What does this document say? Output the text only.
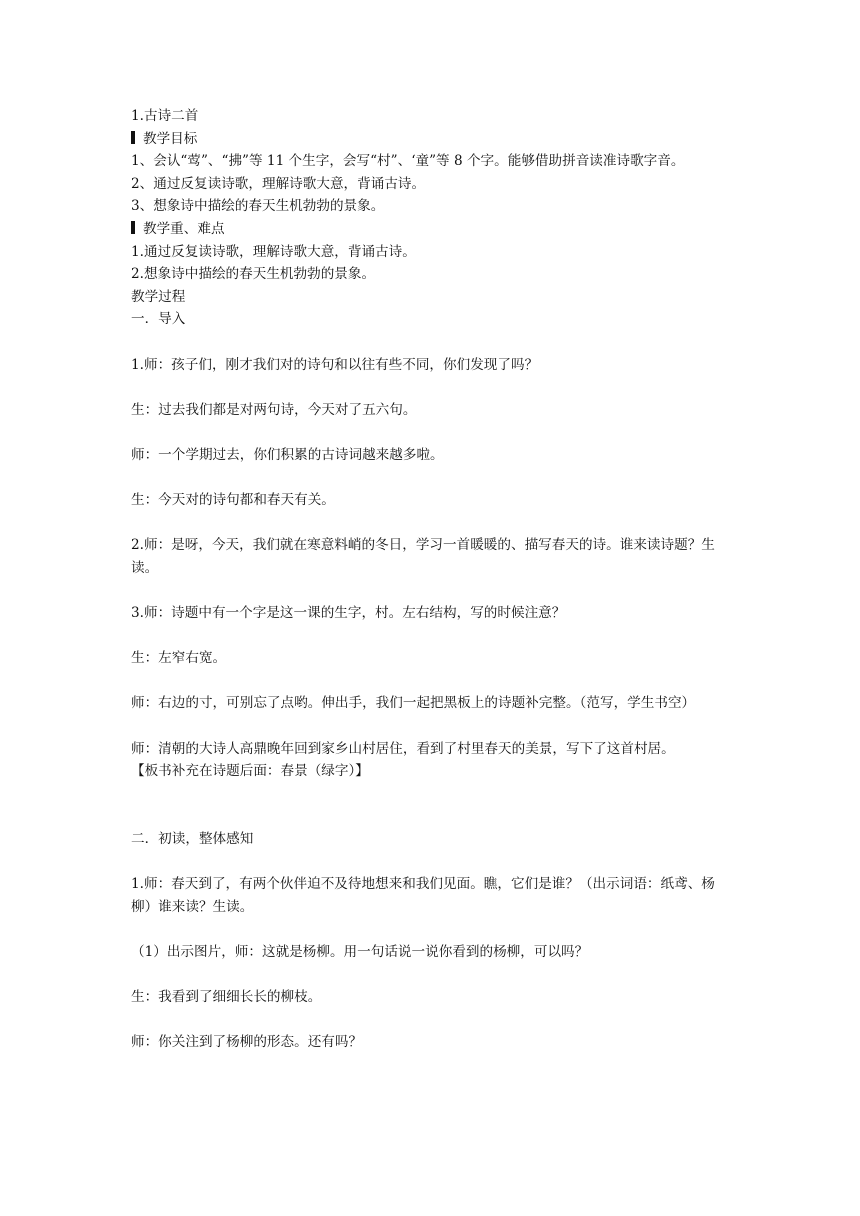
1.古诗二首

教学目标

1、会认“莺”、“拂”等 11 个生字，会写“村”、‘童”等 8 个字。能够借助拼音读准诗歌字音。

2、通过反复读诗歌，理解诗歌大意，背诵古诗。

3、想象诗中描绘的春天生机勃勃的景象。

教学重、难点

1.通过反复读诗歌，理解诗歌大意，背诵古诗。

2.想象诗中描绘的春天生机勃勃的景象。

教学过程

一．导入

1.师：孩子们，刚才我们对的诗句和以往有些不同，你们发现了吗？

生：过去我们都是对两句诗，今天对了五六句。

师：一个学期过去，你们积累的古诗词越来越多啦。

生：今天对的诗句都和春天有关。

2.师：是呀，今天，我们就在寒意料峭的冬日，学习一首暖暖的、描写春天的诗。谁来读诗题？生读。

3.师：诗题中有一个字是这一课的生字，村。左右结构，写的时候注意？

生：左窄右宽。

师：右边的寸，可别忘了点哟。伸出手，我们一起把黑板上的诗题补完整。（范写，学生书空）

师：清朝的大诗人高鼎晚年回到家乡山村居住，看到了村里春天的美景，写下了这首村居。

【板书补充在诗题后面：春景（绿字）】

二．初读，整体感知

1.师：春天到了，有两个伙伴迫不及待地想来和我们见面。瞧，它们是谁？（出示词语：纸鸢、杨柳）谁来读？生读。

（1）出示图片，师：这就是杨柳。用一句话说一说你看到的杨柳，可以吗？

生：我看到了细细长长的柳枝。

师：你关注到了杨柳的形态。还有吗？
